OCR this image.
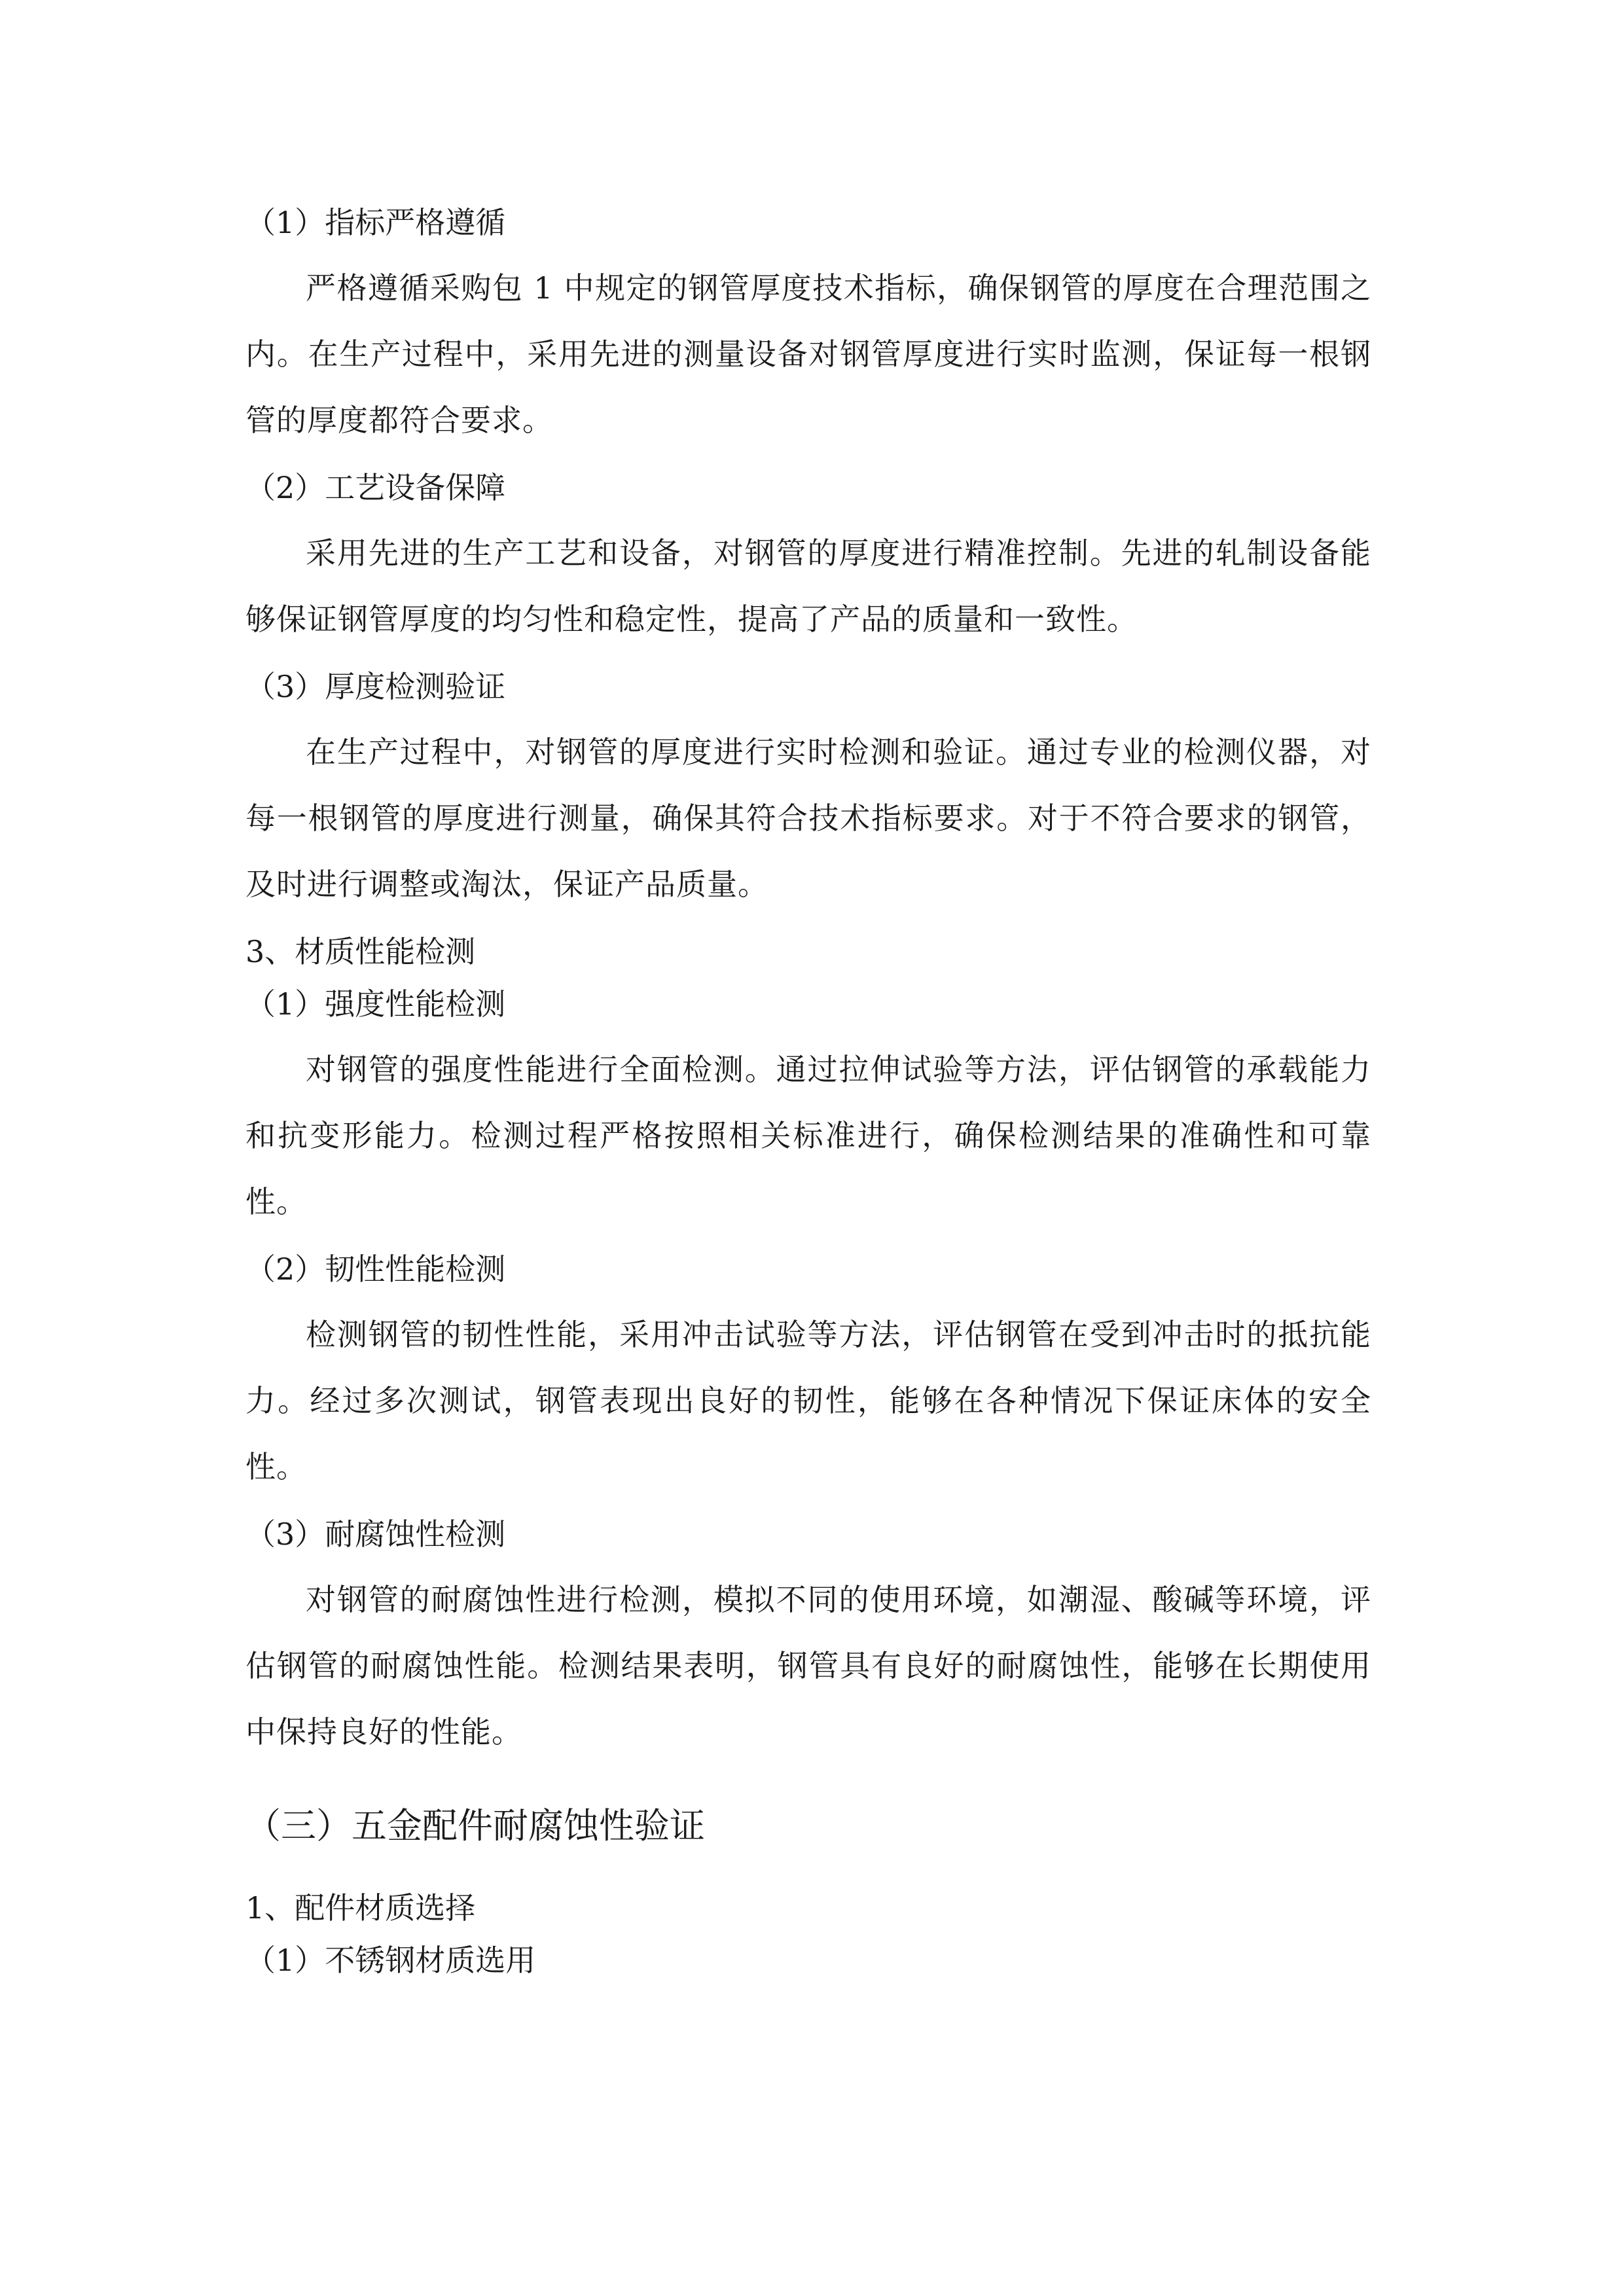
（1）指标严格遵循

严格遵循采购包 1 中规定的钢管厚度技术指标，确保钢管的厚度在合理范围之内。在生产过程中，采用先进的测量设备对钢管厚度进行实时监测，保证每一根钢管的厚度都符合要求。

（2）工艺设备保障

采用先进的生产工艺和设备，对钢管的厚度进行精准控制。先进的轧制设备能够保证钢管厚度的均匀性和稳定性，提高了产品的质量和一致性。

（3）厚度检测验证

在生产过程中，对钢管的厚度进行实时检测和验证。通过专业的检测仪器，对每一根钢管的厚度进行测量，确保其符合技术指标要求。对于不符合要求的钢管，及时进行调整或淘汰，保证产品质量。

3、材质性能检测
（1）强度性能检测

对钢管的强度性能进行全面检测。通过拉伸试验等方法，评估钢管的承载能力和抗变形能力。检测过程严格按照相关标准进行，确保检测结果的准确性和可靠性。

（2）韧性性能检测

检测钢管的韧性性能，采用冲击试验等方法，评估钢管在受到冲击时的抵抗能力。经过多次测试，钢管表现出良好的韧性，能够在各种情况下保证床体的安全性。

（3）耐腐蚀性检测

对钢管的耐腐蚀性进行检测，模拟不同的使用环境，如潮湿、酸碱等环境，评估钢管的耐腐蚀性能。检测结果表明，钢管具有良好的耐腐蚀性，能够在长期使用中保持良好的性能。

（三）五金配件耐腐蚀性验证
1、配件材质选择
（1）不锈钢材质选用
